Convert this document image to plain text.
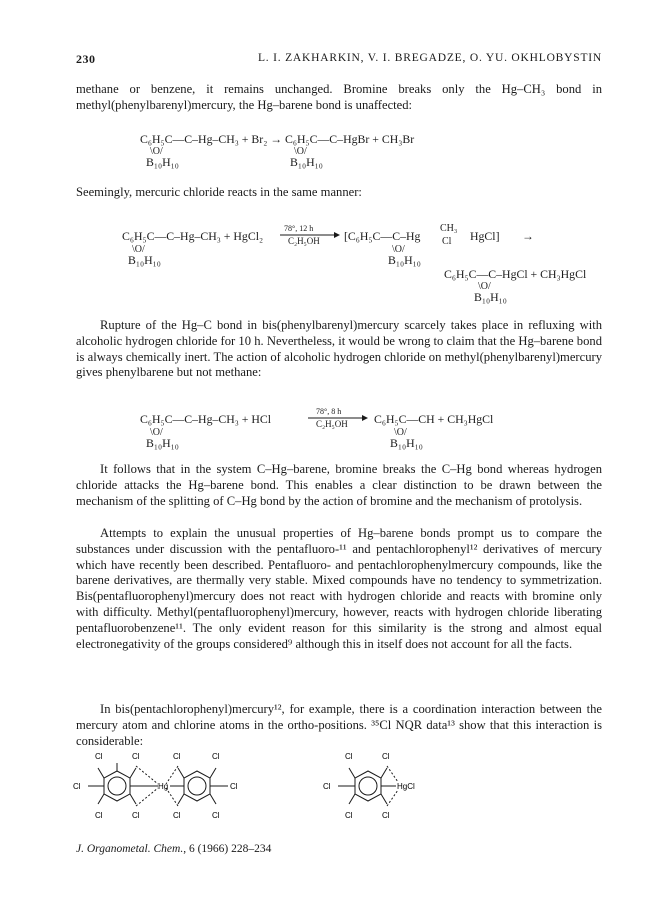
230	L. I. ZAKHARKIN, V. I. BREGADZE, O. YU. OKHLOBYSTIN

methane or benzene, it remains unchanged. Bromine breaks only the Hg–CH₃ bond in methyl(phenylbarenyl)mercury, the Hg–barene bond is unaffected:

C₆H₅C—C–Hg–CH₃ + Br₂ → C₆H₅C—C–HgBr + CH₃Br
\O/
B₁₀H₁₀
\O/
B₁₀H₁₀

Seemingly, mercuric chloride reacts in the same manner:

C₆H₅C—C–Hg–CH₃ + HgCl₂
78°, 12 h
C₂H₅OH [C₆H₅C—C–Hg
CH₃
Cl HgCl] →
\O/
B₁₀H₁₀
\O/
B₁₀H₁₀
C₆H₅C—C–HgCl + CH₃HgCl
\O/
B₁₀H₁₀

Rupture of the Hg–C bond in bis(phenylbarenyl)mercury scarcely takes place in refluxing with alcoholic hydrogen chloride for 10 h. Nevertheless, it would be wrong to claim that the Hg–barene bond is always chemically inert. The action of alcoholic hydrogen chloride on methyl(phenylbarenyl)mercury gives phenylbarene but not methane:

C₆H₅C—C–Hg–CH₃ + HCl
78°, 8 h
C₂H₅OH C₆H₅C—CH + CH₃HgCl
\O/
B₁₀H₁₀
\O/
B₁₀H₁₀

It follows that in the system C–Hg–barene, bromine breaks the C–Hg bond whereas hydrogen chloride attacks the Hg–barene bond. This enables a clear distinction to be drawn between the mechanism of the splitting of C–Hg bond by the action of bromine and the mechanism of protolysis.

Attempts to explain the unusual properties of Hg–barene bonds prompt us to compare the substances under discussion with the pentafluoro-¹¹ and pentachlorophenyl¹² derivatives of mercury which have recently been described. Pentafluoro- and pentachlorophenylmercury compounds, like the barene derivatives, are thermally very stable. Mixed compounds have no tendency to symmetrization. Bis(pentafluorophenyl)mercury does not react with hydrogen chloride and reacts with bromine only with difficulty. Methyl(pentafluorophenyl)mercury, however, reacts with hydrogen chloride liberating pentafluorobenzene¹¹. The only evident reason for this similarity is the strong and almost equal electronegativity of the groups considered⁹ although this in itself does not account for all the facts.

In bis(pentachlorophenyl)mercury¹², for example, there is a coordination interaction between the mercury atom and chlorine atoms in the ortho-positions. ³⁵Cl NQR data¹³ show that this interaction is considerable:

Cl	Cl
Cl
Cl	Cl
Hg
Cl	Cl
Cl
Cl	Cl
Cl	Cl
Cl	HgCl
Cl	Cl
J. Organometal. Chem., 6 (1966) 228–234
